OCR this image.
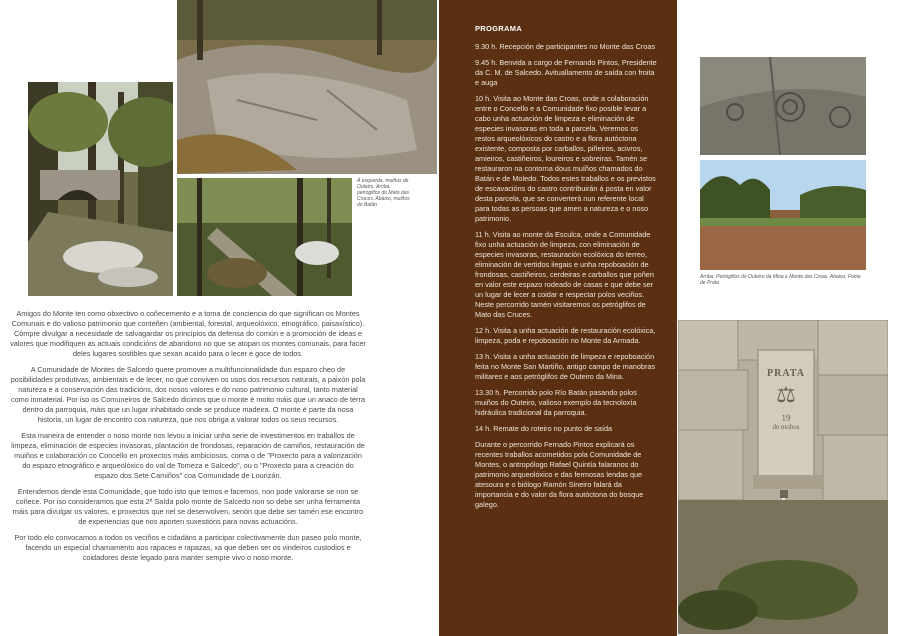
Á esquerda, muiños de Outeiro. Arriba, petroglifos do Mato das Cruces. Abaixo, muiños do Batán

Amigos do Monte ten como obxectivo o coñecemento e a toma de conciencia do que significan os Montes Comunais e do valioso patrimonio que conteñen (ambiental, forestal, arqueolóxico, etnográfico, paisaxístico). Cómpre divulgar a necesidade de salvagardar os principios da defensa do común e a promoción de ideas e valores que modifiquen as actuais condicións de abandono no que se atopan os montes comunais, para facer deles lugares sostibles que sexan acaído para o lecer e goce de todos.

A Comunidade de Montes de Salcedo quere promover a multifuncionalidade dun espazo cheo de posibilidades produtivas, ambientais e de lecer, no que conviven os usos dos recursos naturais, a paixón pola natureza e a conservación das tradicións, dos nosos valores e do noso patrimonio cultural, tanto material como inmaterial. Por iso os Comuneiros de Salcedo dicimos que o monte é moito máis que un anaco de terra dentro da parroquia, máis que un lugar inhabitado onde se produce madeira. O monte é parte da nosa historia, un lugar de encontro coa natureza, que nos obriga a valorar todos os seus recursos.

Esta maneira de entender o noso monte nos levou a iniciar unha serie de investimentos en traballos de limpeza, eliminación de especies invasoras, plantación de frondosas, reparación de camiños, restauración de muiños e colaboración co Concello en proxectos máis ambiciosos, coma o de "Proxecto para a valorización do espazo etnográfico e arqueolóxico do val de Tomeza e Salcedo", ou o "Proxecto para a creación do espazo dos Sete Camiños" coa Comunidade de Lourizán.

Entendemos dende esta Comunidade, que todo isto que temos e facemos, non pode valorarse se non se coñece. Por iso consideramos que esta 2ª Saída polo monte de Salcedo non so debe ser unha ferramenta máis para divulgar os valores, e proxectos que nel se desenvolven, senón que debe ser tamén ese encontro de experiencias que nos aporten suxestións para novas actuacións.

Por todo elo convocamos a todos os veciños e cidadáns a participar colectivamente dun paseo polo monte, facendo un especial chamamento aos rapaces e rapazas, xa que deben ser os vindeiros custodios e coidadores deste legado para manter sempre vivo o noso monte.

PROGRAMA

9.30 h. Recepción de participantes no Monte das Croas

9.45 h. Benvida a cargo de Fernando Pintos, Presidente da C. M. de Salcedo. Avituallamento de saída con froita e auga

10 h. Visita ao Monte das Croas, onde a colaboración entre o Concello e a Comunidade fixo posible levar a cabo unha actuación de limpeza e eliminación de especies invasoras en toda a parcela. Veremos os restos arqueolóxicos do castro e a flora autóctona existente, composta por carballos, piñeiros, acivros, amieiros, castiñeiros, loureiros e sobreiras. Tamén se restauraron na contorna dous muíños chamados do Batán e de Moledo. Todos estes traballos e os previstos de escavacións do castro contribuirán á posta en valor desta parcela, que se converterá nun referente local para todas as persoas que amen a natureza e o noso patrimonio.

11 h. Visita ao monte da Esculca, onde a Comunidade fixo unha actuación de limpeza, con eliminación de especies invasoras, restauración ecolóxica do terreo, eliminación de vertidos ilegais e unha repoboación de frondosas, castiñeiros, cerdeiras e carballos que poñen en valor este espazo rodeado de casas e que debe ser un lugar de lecer a coidar e respectar polos veciños. Neste percorrido tamén visitaremos os petróglifos de Mato das Cruces.

12 h. Visita a unha actuación de restauración ecolóxica, limpeza, poda e repoboación no Monte da Armada.

13 h. Visita a unha actuación de limpeza e repoboación feita no Monte San Martiño, antigo campo de manobras militares e aos petróglifos de Outeiro da Mina.

13.30 h. Percorrido polo Río Batán pasando polos muiños do Outeiro, valioso exemplo da tecnoloxía hidráulica tradicional da parroquia.

14 h. Remate do roteiro no punto de saída

Durante o percorrido Fernado Pintos explicará os recentes traballos acometidos pola Comunidade de Montes, o antropólogo Rafael Quintía falaranos do patrimonio arqueolóxico e das fermosas lendas que atesoura e o biólogo Ramón Sineiro falará da importancia e do valor da flora autóctona do bosque galego.

Arriba: Petróglifos do Outeiro da Mina e Monte das Croas. Abaixo, Fonte de Prata
PRATA
⚖
19
de mobos
